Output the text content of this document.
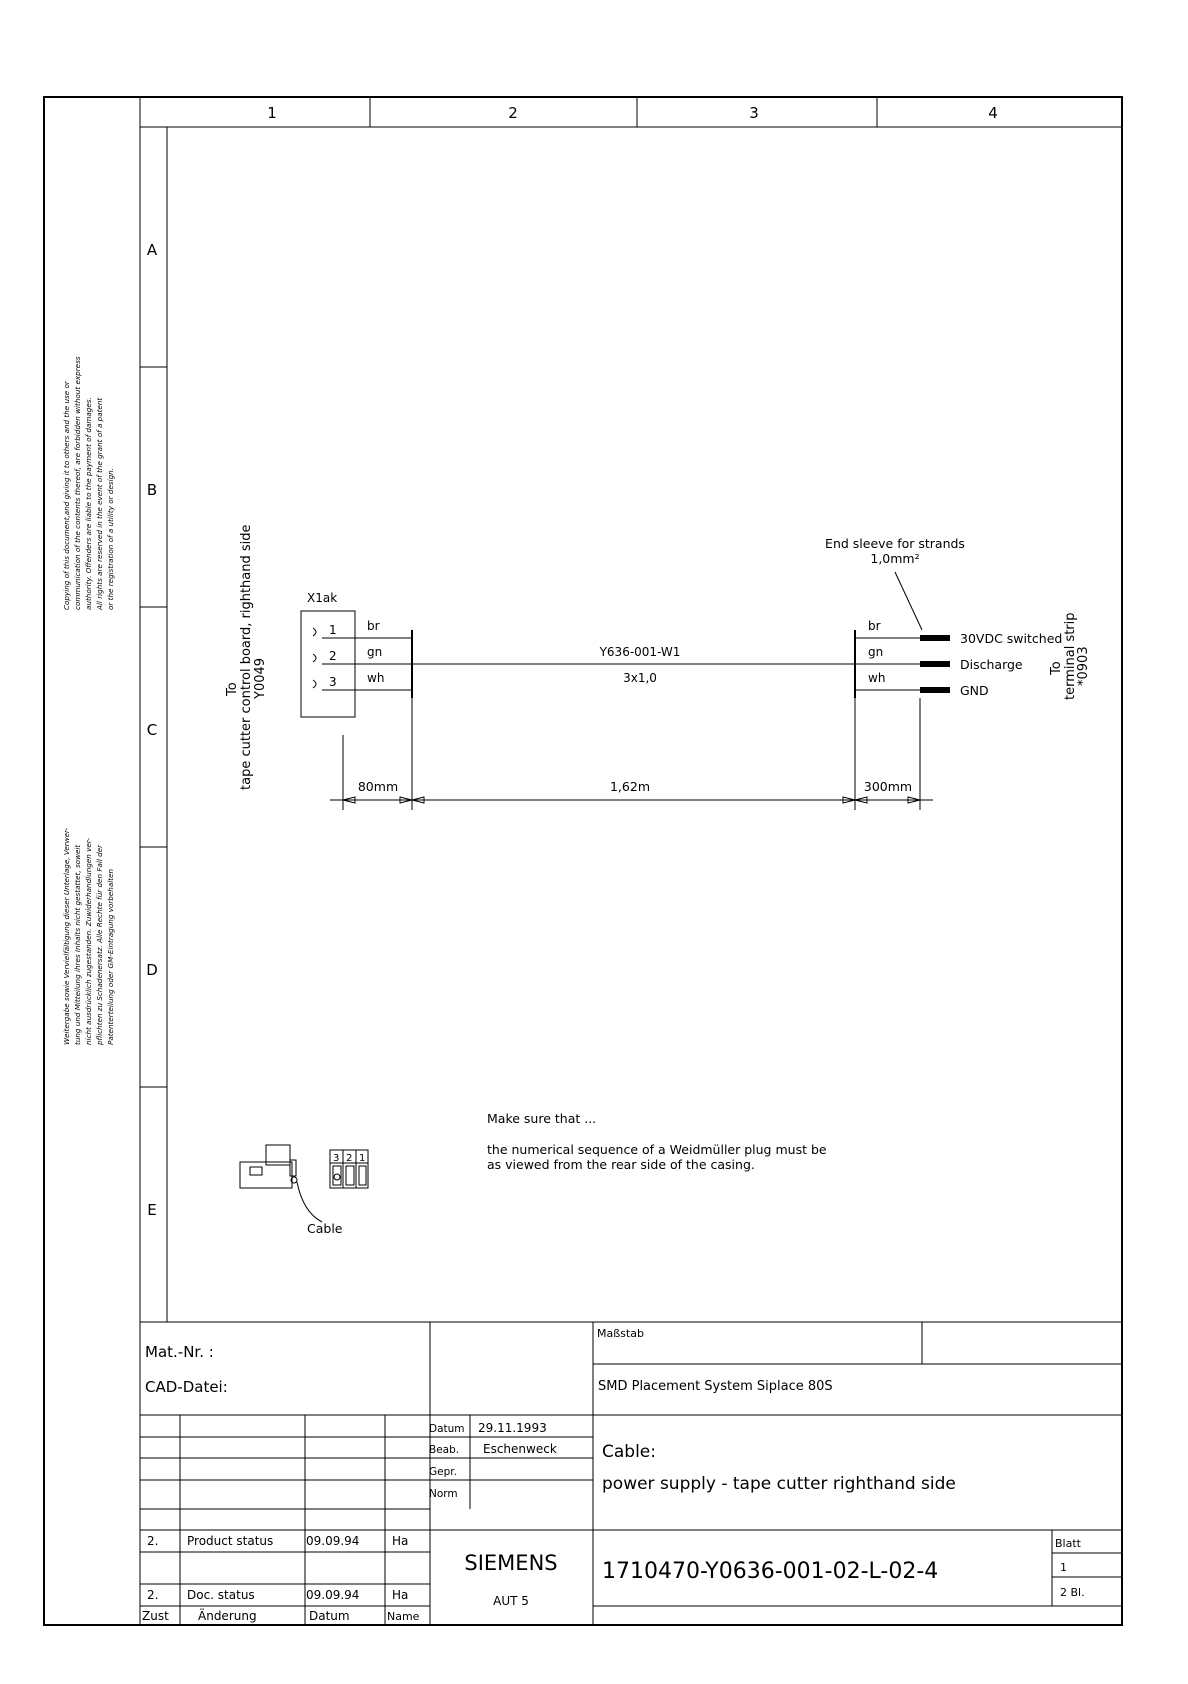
1	2	3	4
A
B
C
D
E
Copying of this document,and giving it to others and the use or communication of the contents thereof, are forbidden without express authority. Offenders are liable to the payment of damages. All rights are reserved in the event of the grant of a patent or the registration of a utility or design.
Weitergabe sowie Vervielfältigung dieser Unterlage, Verwer- tung und Mitteilung ihres Inhalts nicht gestattet, soweit nicht ausdrücklich zugestanden. Zuwiderhandlungen ver- pflichten zu Schadenersatz. Alle Rechte für den Fall der Patenterteilung oder GM-Eintragung vorbehalten
tape cutter control board, righthand side
To Y0049
X1ak
1
2
3
br
gn
wh
Y636-001-W1
3x1,0
br
gn
wh
30VDC switched
Discharge
GND
End sleeve for strands
1,0mm²
terminal strip
To *0903
80mm	1,62m	300mm
3 2 1
Cable
Make sure that ...
the numerical sequence of a Weidmüller plug must be
as viewed from the rear side of the casing.
Mat.-Nr. :
CAD-Datei:
Maßstab
SMD Placement System Siplace 80S
Datum 29.11.1993
Beab. Eschenweck
Gepr.
Norm
Cable:
power supply - tape cutter righthand side
2. Product status	09.09.94	Ha
2. Doc. status	09.09.94	Ha
Zust Änderung	Datum	Name
SIEMENS
AUT 5
1710470-Y0636-001-02-L-02-4
Blatt
1
2 Bl.
